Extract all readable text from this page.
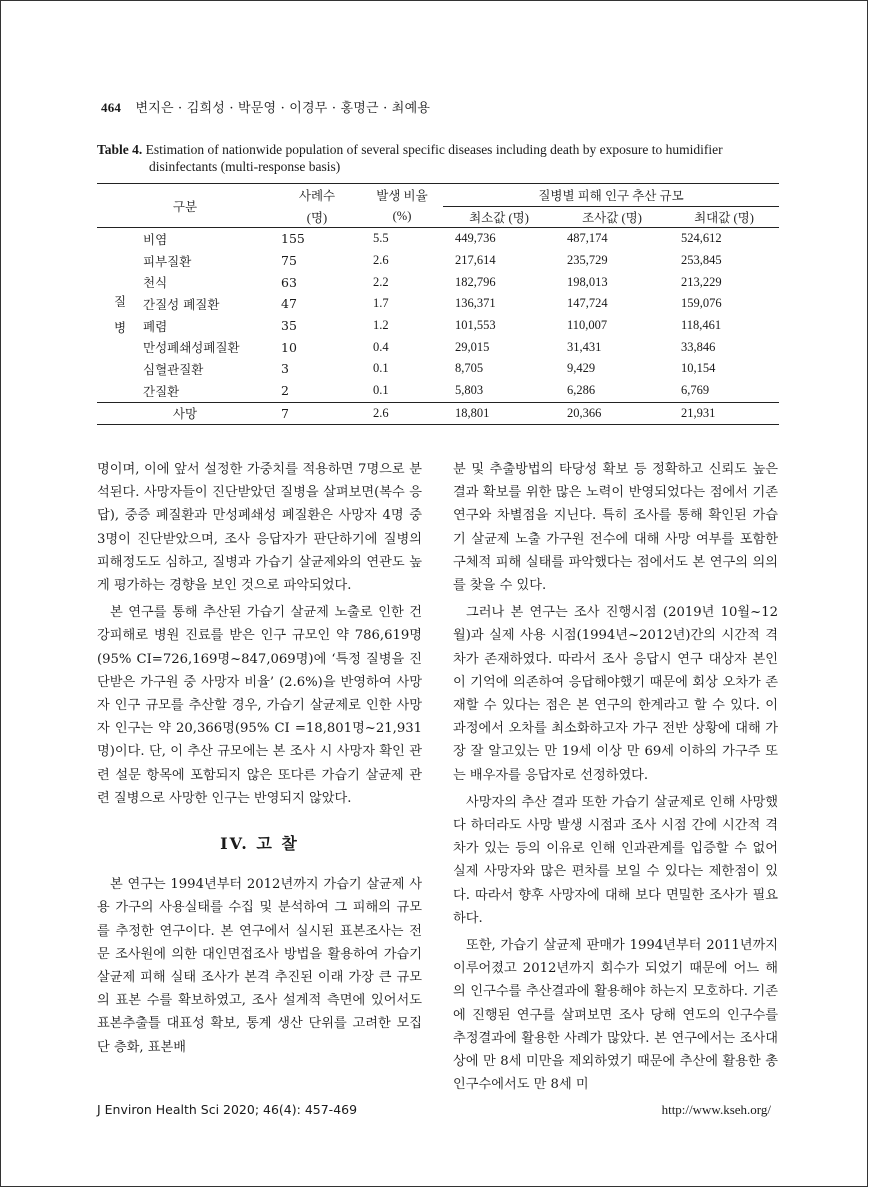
464 변지은 · 김희성 · 박문영 · 이경무 · 홍명근 · 최예용
Table 4. Estimation of nationwide population of several specific diseases including death by exposure to humidifier
disinfectants (multi-response basis)
구분		사례수	발생 비율	질병별 피해 인구 추산 규모		
		(명)	(%)	최소값 (명)	조사값 (명)	최대값 (명)
질
병	비염	155	5.5	449,736	487,174	524,612
	피부질환	75	2.6	217,614	235,729	253,845
	천식	63	2.2	182,796	198,013	213,229
	간질성 폐질환	47	1.7	136,371	147,724	159,076
	폐렴	35	1.2	101,553	110,007	118,461
	만성폐쇄성폐질환	10	0.4	29,015	31,431	33,846
	심혈관질환	3	0.1	8,705	9,429	10,154
	간질환	2	0.1	5,803	6,286	6,769
사망		7	2.6	18,801	20,366	21,931

명이며, 이에 앞서 설정한 가중치를 적용하면 7명으로 분석된다. 사망자들이 진단받았던 질병을 살펴보면(복수 응답), 중증 폐질환과 만성폐쇄성 폐질환은 사망자 4명 중 3명이 진단받았으며, 조사 응답자가 판단하기에 질병의 피해정도도 심하고, 질병과 가습기 살균제와의 연관도 높게 평가하는 경향을 보인 것으로 파악되었다.

본 연구를 통해 추산된 가습기 살균제 노출로 인한 건강피해로 병원 진료를 받은 인구 규모인 약 786,619명(95% CI=726,169명~847,069명)에 ‘특정 질병을 진단받은 가구원 중 사망자 비율’ (2.6%)을 반영하여 사망자 인구 규모를 추산할 경우, 가습기 살균제로 인한 사망자 인구는 약 20,366명(95% CI =18,801명~21,931명)이다. 단, 이 추산 규모에는 본 조사 시 사망자 확인 관련 설문 항목에 포함되지 않은 또다른 가습기 살균제 관련 질병으로 사망한 인구는 반영되지 않았다.

IV. 고 찰

본 연구는 1994년부터 2012년까지 가습기 살균제 사용 가구의 사용실태를 수집 및 분석하여 그 피해의 규모를 추정한 연구이다. 본 연구에서 실시된 표본조사는 전문 조사원에 의한 대인면접조사 방법을 활용하여 가습기 살균제 피해 실태 조사가 본격 추진된 이래 가장 큰 규모의 표본 수를 확보하였고, 조사 설계적 측면에 있어서도 표본추출틀 대표성 확보, 통계 생산 단위를 고려한 모집단 층화, 표본배

분 및 추출방법의 타당성 확보 등 정확하고 신뢰도 높은 결과 확보를 위한 많은 노력이 반영되었다는 점에서 기존 연구와 차별점을 지닌다. 특히 조사를 통해 확인된 가습기 살균제 노출 가구원 전수에 대해 사망 여부를 포함한 구체적 피해 실태를 파악했다는 점에서도 본 연구의 의의를 찾을 수 있다.

그러나 본 연구는 조사 진행시점 (2019년 10월~12월)과 실제 사용 시점(1994년~2012년)간의 시간적 격차가 존재하였다. 따라서 조사 응답시 연구 대상자 본인이 기억에 의존하여 응답해야했기 때문에 회상 오차가 존재할 수 있다는 점은 본 연구의 한계라고 할 수 있다. 이 과정에서 오차를 최소화하고자 가구 전반 상황에 대해 가장 잘 알고있는 만 19세 이상 만 69세 이하의 가구주 또는 배우자를 응답자로 선정하였다.

사망자의 추산 결과 또한 가습기 살균제로 인해 사망했다 하더라도 사망 발생 시점과 조사 시점 간에 시간적 격차가 있는 등의 이유로 인해 인과관계를 입증할 수 없어 실제 사망자와 많은 편차를 보일 수 있다는 제한점이 있다. 따라서 향후 사망자에 대해 보다 면밀한 조사가 필요하다.

또한, 가습기 살균제 판매가 1994년부터 2011년까지 이루어졌고 2012년까지 회수가 되었기 때문에 어느 해의 인구수를 추산결과에 활용해야 하는지 모호하다. 기존에 진행된 연구를 살펴보면 조사 당해 연도의 인구수를 추정결과에 활용한 사례가 많았다. 본 연구에서는 조사대상에 만 8세 미만을 제외하였기 때문에 추산에 활용한 총 인구수에서도 만 8세 미

J Environ Health Sci 2020; 46(4): 457-469	http://www.kseh.org/
